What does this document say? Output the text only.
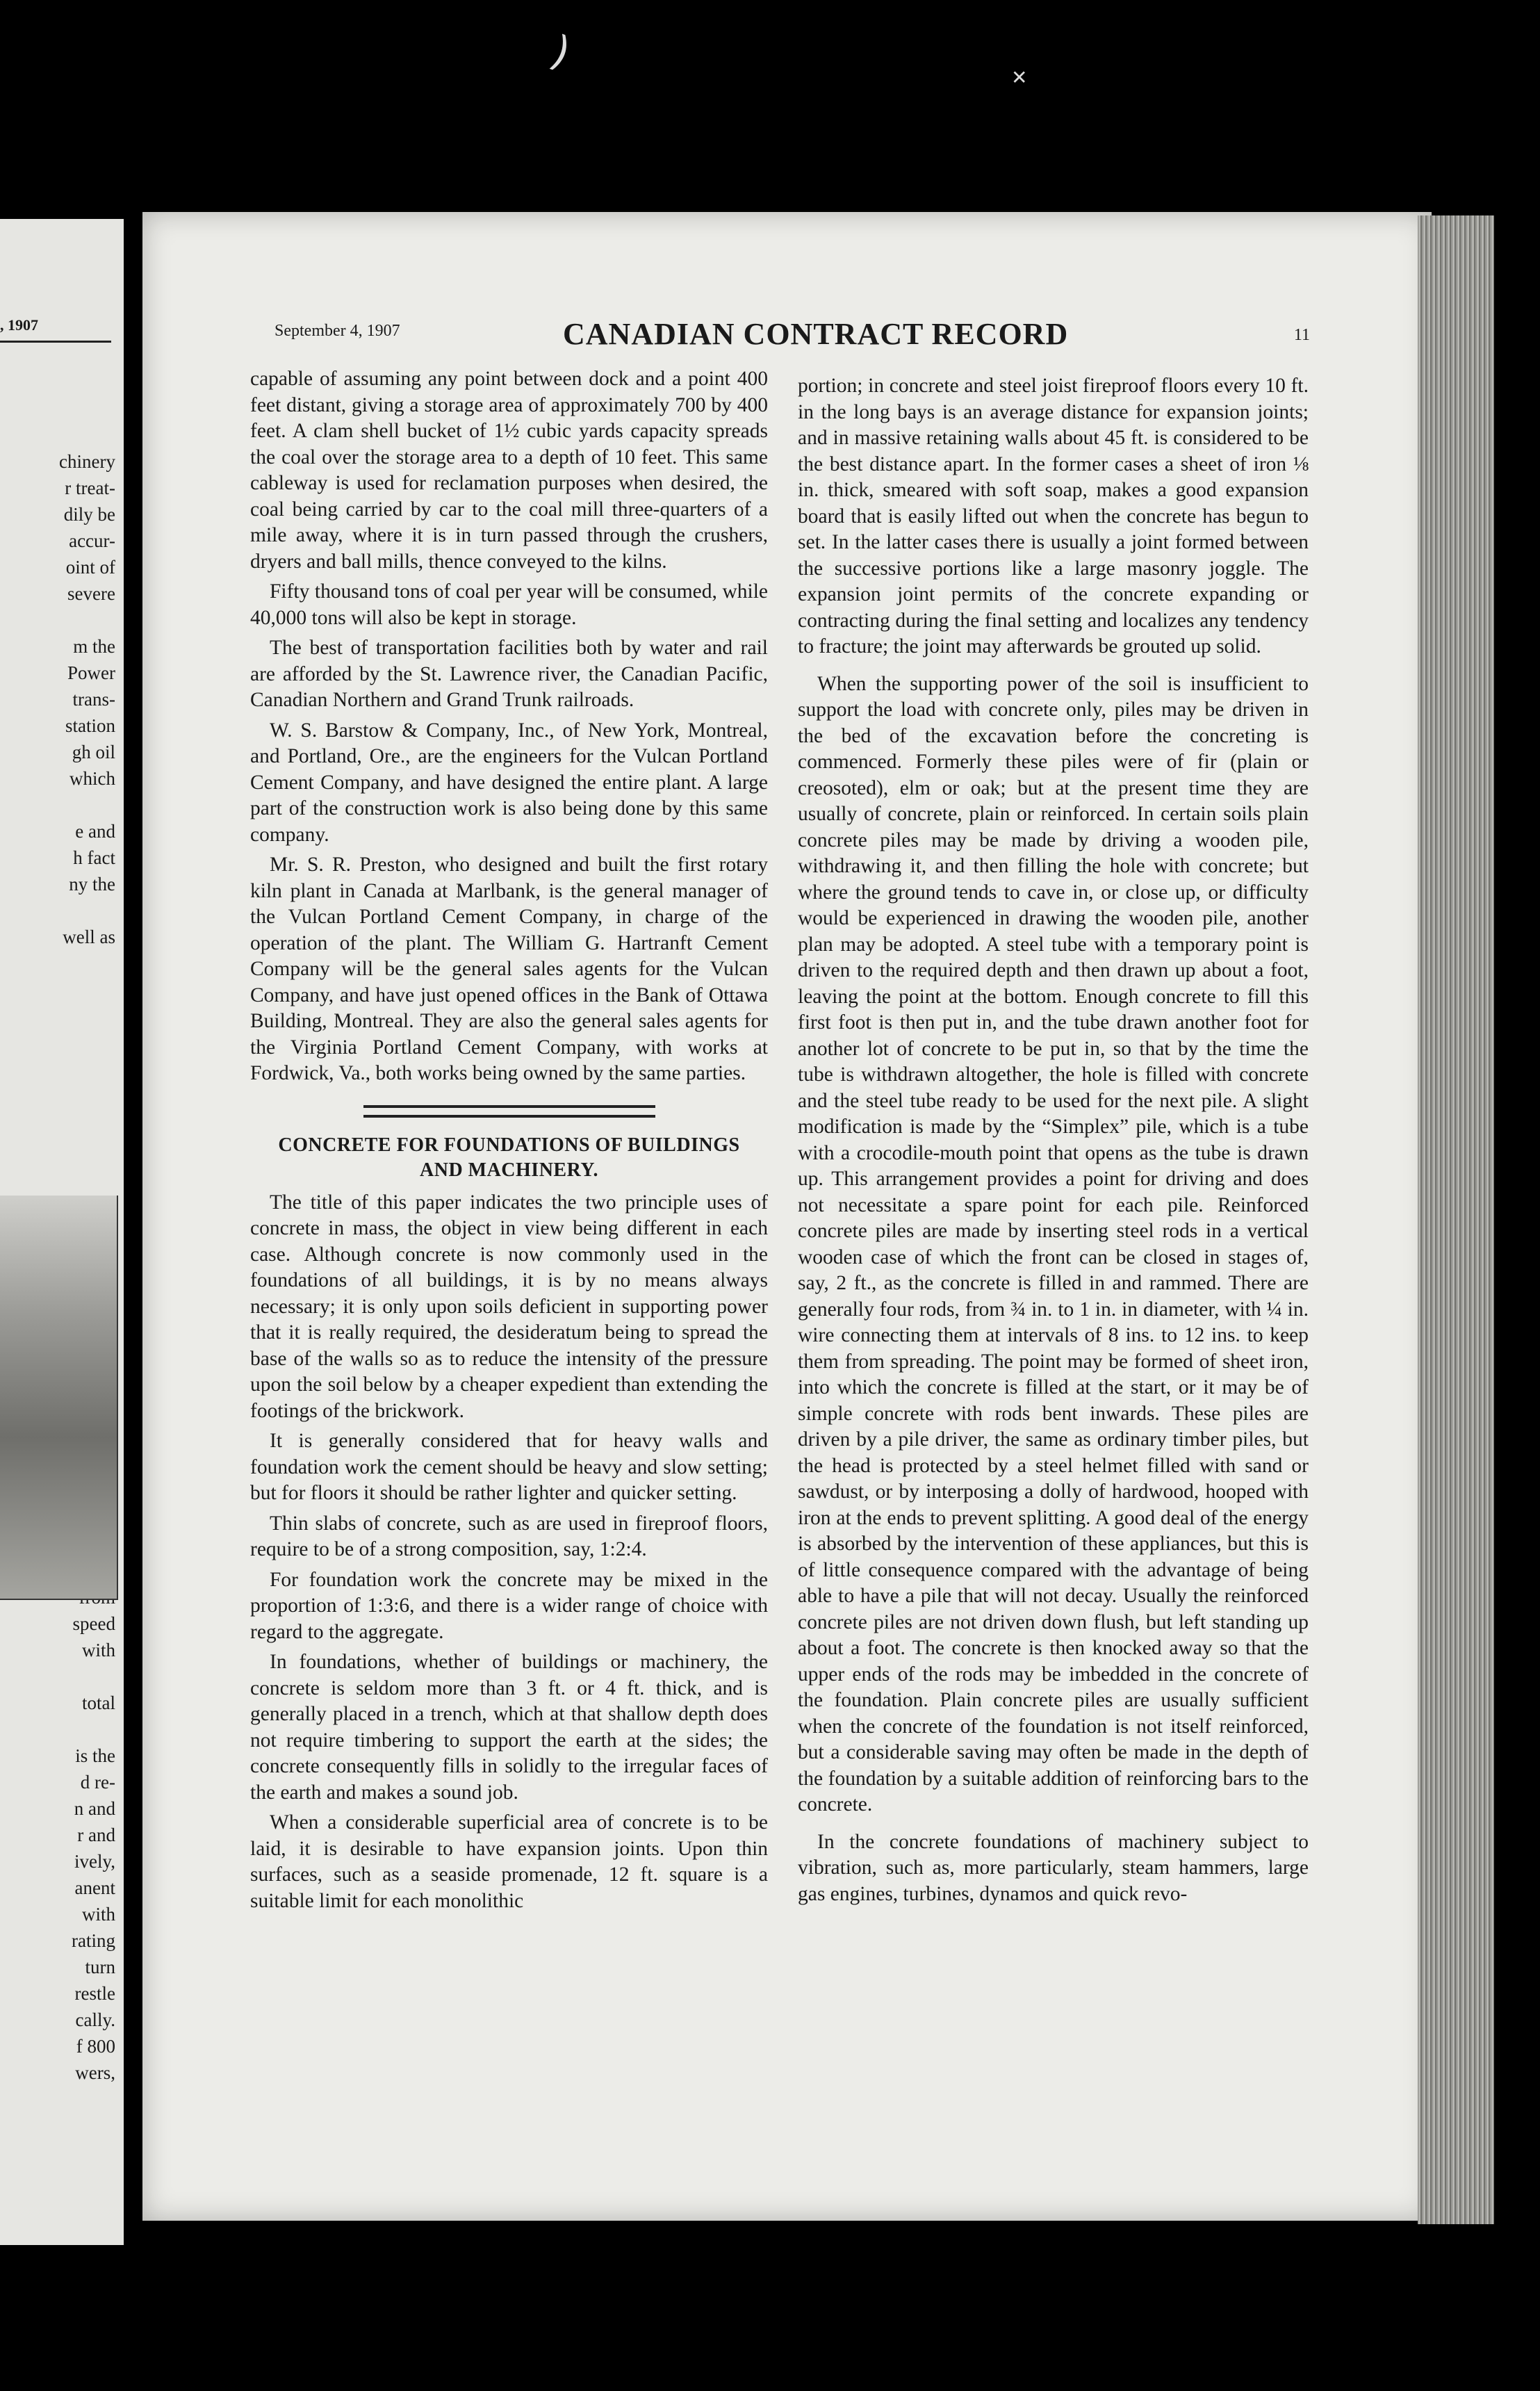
)	✕
, 1907
chinery
r treat-
dily be
accur-
oint of
severe

m the
Power
trans-
station
gh oil
which

e and
h fact
ny the

well as

speed
with

total

is the
d re-
n and
r and
ively,
anent
with
rating
turn
restle
cally.
f 800
wers,
September 4, 1907	CANADIAN CONTRACT RECORD	11

capable of assuming any point between dock and a point 400 feet distant, giving a storage area of approximately 700 by 400 feet. A clam shell bucket of 1½ cubic yards capacity spreads the coal over the storage area to a depth of 10 feet. This same cableway is used for reclamation purposes when desired, the coal being carried by car to the coal mill three-quarters of a mile away, where it is in turn passed through the crushers, dryers and ball mills, thence conveyed to the kilns.

Fifty thousand tons of coal per year will be consumed, while 40,000 tons will also be kept in storage.

The best of transportation facilities both by water and rail are afforded by the St. Lawrence river, the Canadian Pacific, Canadian Northern and Grand Trunk railroads.

W. S. Barstow & Company, Inc., of New York, Montreal, and Portland, Ore., are the engineers for the Vulcan Portland Cement Company, and have designed the entire plant. A large part of the construction work is also being done by this same company.

Mr. S. R. Preston, who designed and built the first rotary kiln plant in Canada at Marlbank, is the general manager of the Vulcan Portland Cement Company, in charge of the operation of the plant. The William G. Hartranft Cement Company will be the general sales agents for the Vulcan Company, and have just opened offices in the Bank of Ottawa Building, Montreal. They are also the general sales agents for the Virginia Portland Cement Company, with works at Fordwick, Va., both works being owned by the same parties.

CONCRETE FOR FOUNDATIONS OF BUILDINGS
AND MACHINERY.

The title of this paper indicates the two principle uses of concrete in mass, the object in view being different in each case. Although concrete is now commonly used in the foundations of all buildings, it is by no means always necessary; it is only upon soils deficient in supporting power that it is really required, the desideratum being to spread the base of the walls so as to reduce the intensity of the pressure upon the soil below by a cheaper expedient than extending the footings of the brickwork.

It is generally considered that for heavy walls and foundation work the cement should be heavy and slow setting; but for floors it should be rather lighter and quicker setting.

Thin slabs of concrete, such as are used in fireproof floors, require to be of a strong composition, say, 1:2:4.

For foundation work the concrete may be mixed in the proportion of 1:3:6, and there is a wider range of choice with regard to the aggregate.

In foundations, whether of buildings or machinery, the concrete is seldom more than 3 ft. or 4 ft. thick, and is generally placed in a trench, which at that shallow depth does not require timbering to support the earth at the sides; the concrete consequently fills in solidly to the irregular faces of the earth and makes a sound job.

When a considerable superficial area of concrete is to be laid, it is desirable to have expansion joints. Upon thin surfaces, such as a seaside promenade, 12 ft. square is a suitable limit for each monolithic

portion; in concrete and steel joist fireproof floors every 10 ft. in the long bays is an average distance for expansion joints; and in massive retaining walls about 45 ft. is considered to be the best distance apart. In the former cases a sheet of iron ⅛ in. thick, smeared with soft soap, makes a good expansion board that is easily lifted out when the concrete has begun to set. In the latter cases there is usually a joint formed between the successive portions like a large masonry joggle. The expansion joint permits of the concrete expanding or contracting during the final setting and localizes any tendency to fracture; the joint may afterwards be grouted up solid.

When the supporting power of the soil is insufficient to support the load with concrete only, piles may be driven in the bed of the excavation before the concreting is commenced. Formerly these piles were of fir (plain or creosoted), elm or oak; but at the present time they are usually of concrete, plain or reinforced. In certain soils plain concrete piles may be made by driving a wooden pile, withdrawing it, and then filling the hole with concrete; but where the ground tends to cave in, or close up, or difficulty would be experienced in drawing the wooden pile, another plan may be adopted. A steel tube with a temporary point is driven to the required depth and then drawn up about a foot, leaving the point at the bottom. Enough concrete to fill this first foot is then put in, and the tube drawn another foot for another lot of concrete to be put in, so that by the time the tube is withdrawn altogether, the hole is filled with concrete and the steel tube ready to be used for the next pile. A slight modification is made by the “Simplex” pile, which is a tube with a crocodile-mouth point that opens as the tube is drawn up. This arrangement provides a point for driving and does not necessitate a spare point for each pile. Reinforced concrete piles are made by inserting steel rods in a vertical wooden case of which the front can be closed in stages of, say, 2 ft., as the concrete is filled in and rammed. There are generally four rods, from ¾ in. to 1 in. in diameter, with ¼ in. wire connecting them at intervals of 8 ins. to 12 ins. to keep them from spreading. The point may be formed of sheet iron, into which the concrete is filled at the start, or it may be of simple concrete with rods bent inwards. These piles are driven by a pile driver, the same as ordinary timber piles, but the head is protected by a steel helmet filled with sand or sawdust, or by interposing a dolly of hardwood, hooped with iron at the ends to prevent splitting. A good deal of the energy is absorbed by the intervention of these appliances, but this is of little consequence compared with the advantage of being able to have a pile that will not decay. Usually the reinforced concrete piles are not driven down flush, but left standing up about a foot. The concrete is then knocked away so that the upper ends of the rods may be imbedded in the concrete of the foundation. Plain concrete piles are usually sufficient when the concrete of the foundation is not itself reinforced, but a considerable saving may often be made in the depth of the foundation by a suitable addition of reinforcing bars to the concrete.

In the concrete foundations of machinery subject to vibration, such as, more particularly, steam hammers, large gas engines, turbines, dynamos and quick revo-
